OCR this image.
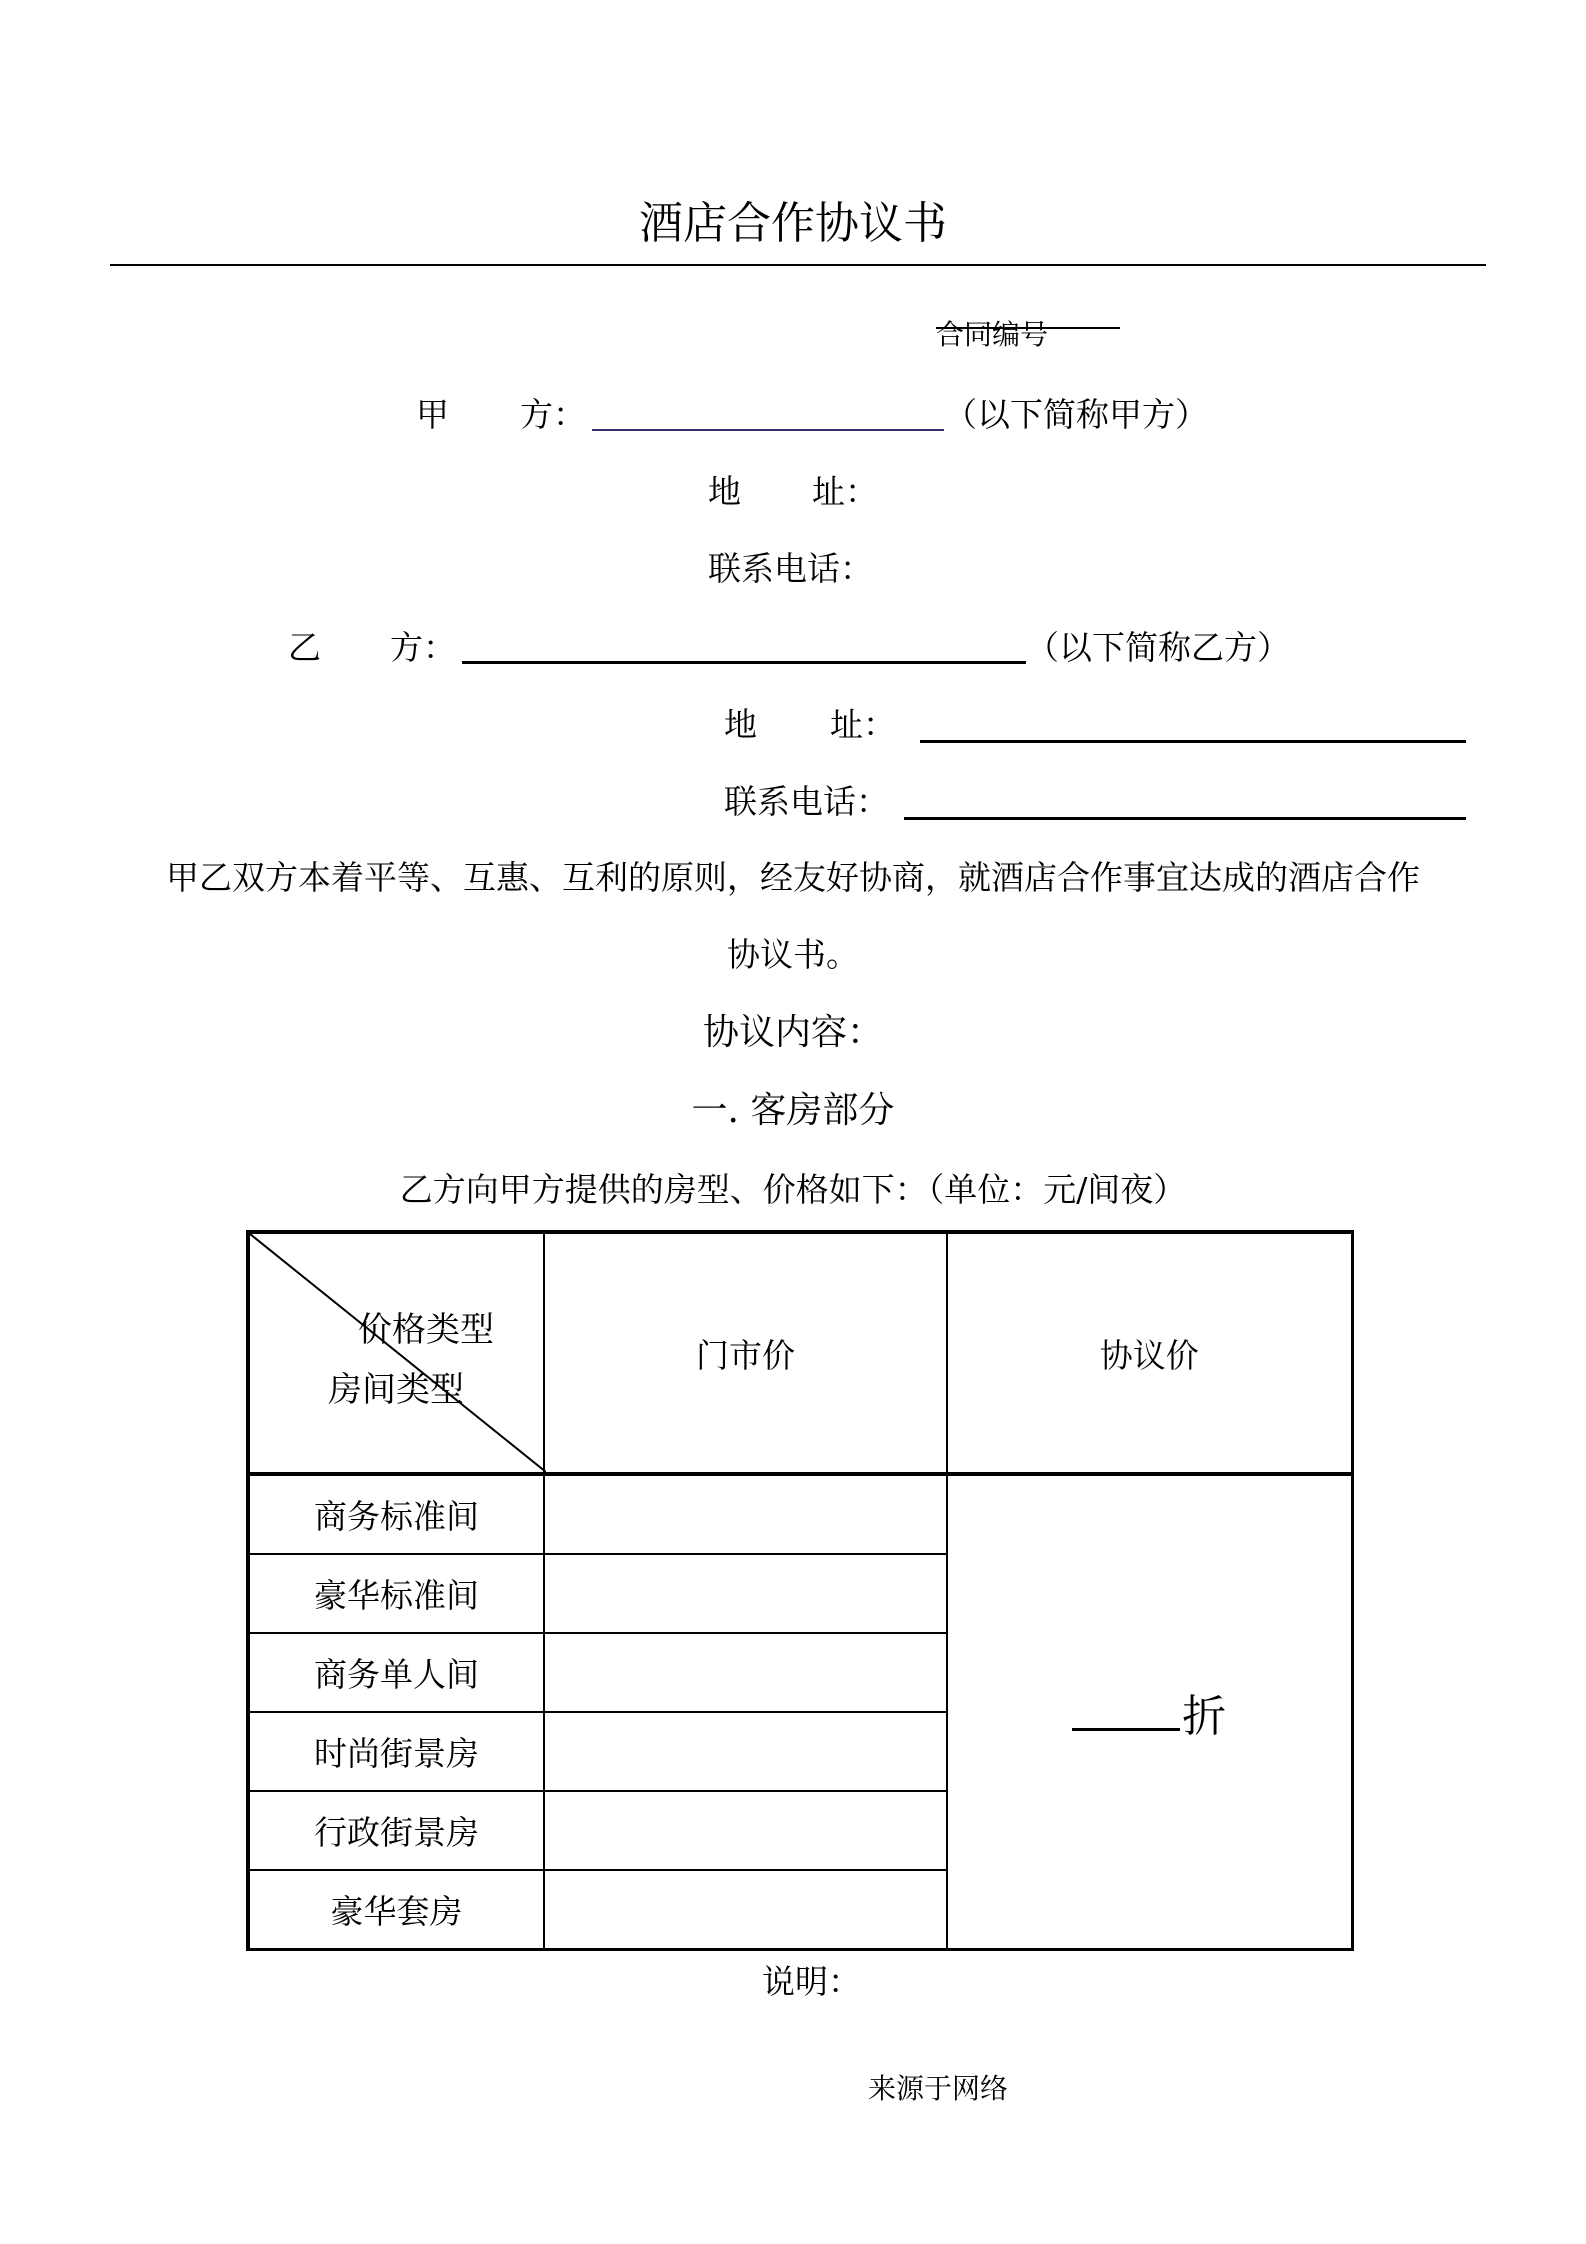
酒店合作协议书
合同编号
甲 方：	（以下简称甲方）
地 址：
联系电话：
乙 方：	（以下简称乙方）
地 址：
联系电话：
甲乙双方本着平等、互惠、互利的原则，经友好协商，就酒店合作事宜达成的酒店合作
协议书。
协议内容：
一. 客房部分
乙方向甲方提供的房型、价格如下：（单位：元/间夜）
价格类型
房间类型	门市价	协议价
商务标准间		折
豪华标准间		
商务单人间		
时尚街景房		
行政街景房		
豪华套房		
说明：
来源于网络
